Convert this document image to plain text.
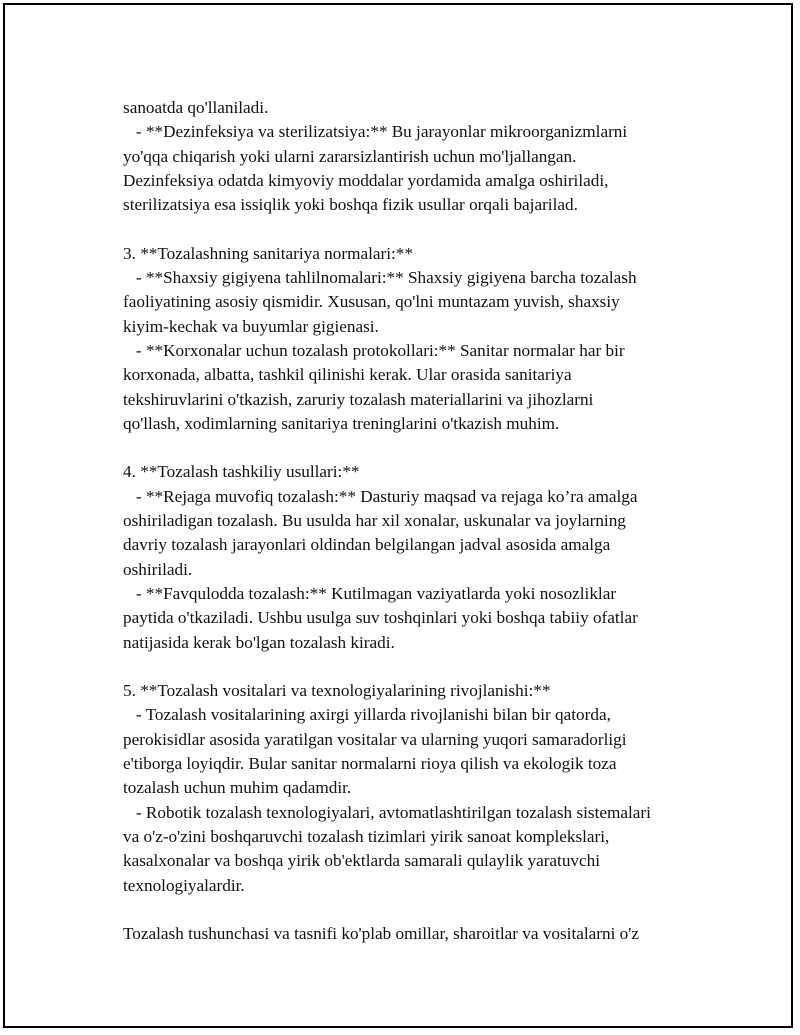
sanoatda qo'llaniladi.
- **Dezinfeksiya va sterilizatsiya:** Bu jarayonlar mikroorganizmlarni
yo'qqa chiqarish yoki ularni zararsizlantirish uchun mo'ljallangan.
Dezinfeksiya odatda kimyoviy moddalar yordamida amalga oshiriladi,
sterilizatsiya esa issiqlik yoki boshqa fizik usullar orqali bajarilad.
3. **Tozalashning sanitariya normalari:**
- **Shaxsiy gigiyena tahlilnomalari:** Shaxsiy gigiyena barcha tozalash
faoliyatining asosiy qismidir. Xususan, qo'lni muntazam yuvish, shaxsiy
kiyim-kechak va buyumlar gigienasi.
- **Korxonalar uchun tozalash protokollari:** Sanitar normalar har bir
korxonada, albatta, tashkil qilinishi kerak. Ular orasida sanitariya
tekshiruvlarini o'tkazish, zaruriy tozalash materiallarini va jihozlarni
qo'llash, xodimlarning sanitariya treninglarini o'tkazish muhim.
4. **Tozalash tashkiliy usullari:**
- **Rejaga muvofiq tozalash:** Dasturiy maqsad va rejaga ko’ra amalga
oshiriladigan tozalash. Bu usulda har xil xonalar, uskunalar va joylarning
davriy tozalash jarayonlari oldindan belgilangan jadval asosida amalga
oshiriladi.
- **Favqulodda tozalash:** Kutilmagan vaziyatlarda yoki nosozliklar
paytida o'tkaziladi. Ushbu usulga suv toshqinlari yoki boshqa tabiiy ofatlar
natijasida kerak bo'lgan tozalash kiradi.
5. **Tozalash vositalari va texnologiyalarining rivojlanishi:**
- Tozalash vositalarining axirgi yillarda rivojlanishi bilan bir qatorda,
perokisidlar asosida yaratilgan vositalar va ularning yuqori samaradorligi
e'tiborga loyiqdir. Bular sanitar normalarni rioya qilish va ekologik toza
tozalash uchun muhim qadamdir.
- Robotik tozalash texnologiyalari, avtomatlashtirilgan tozalash sistemalari
va o'z-o'zini boshqaruvchi tozalash tizimlari yirik sanoat komplekslari,
kasalxonalar va boshqa yirik ob'ektlarda samarali qulaylik yaratuvchi
texnologiyalardir.
Tozalash tushunchasi va tasnifi ko'plab omillar, sharoitlar va vositalarni o'z
